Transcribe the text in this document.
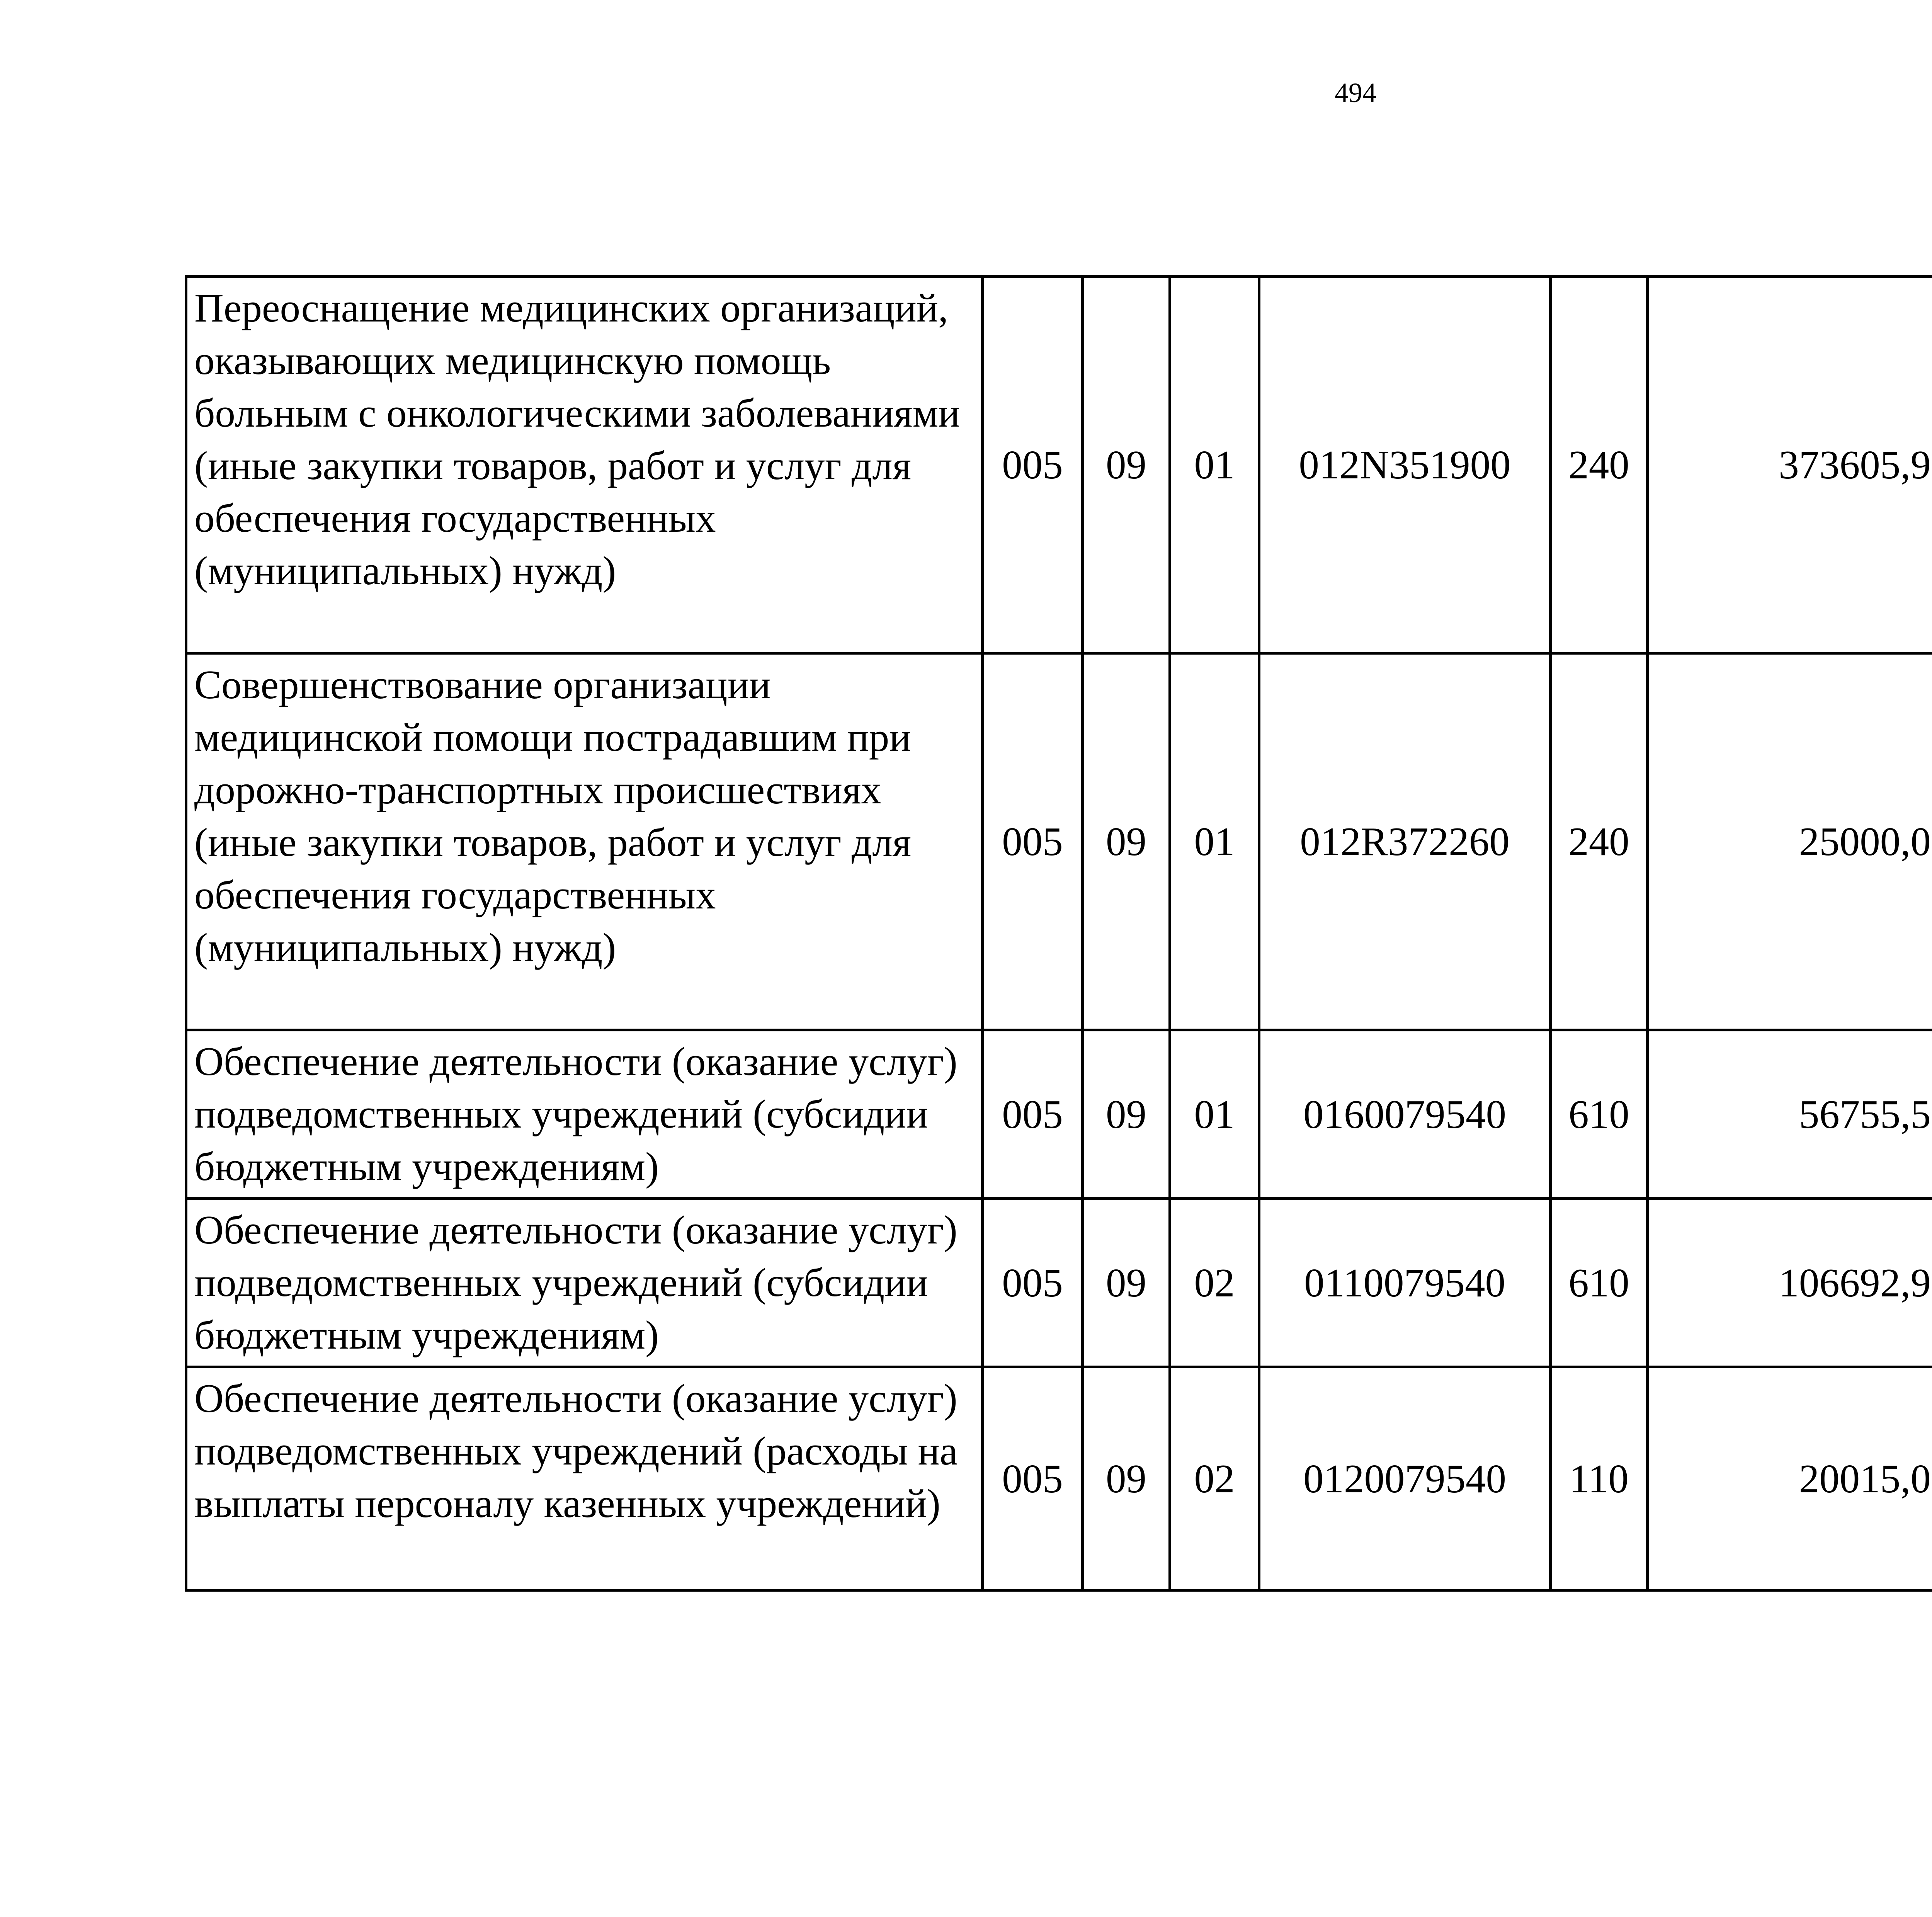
494
Переоснащение медицинских организаций, оказывающих медицинскую помощь больным с онкологическими заболеваниями (иные закупки товаров, работ и услуг для обеспечения государственных (муниципальных) нужд)	005	09	01	012N351900	240	373605,9		
Совершенствование организации медицинской помощи пострадавшим при дорожно-транспортных происшествиях (иные закупки товаров, работ и услуг для обеспечения государственных (муниципальных) нужд)	005	09	01	012R372260	240	25000,0		
Обеспечение деятельности (оказание услуг) подведомственных учреждений (субсидии бюджетным учреждениям)	005	09	01	0160079540	610	56755,5		
Обеспечение деятельности (оказание услуг) подведомственных учреждений (субсидии бюджетным учреждениям)	005	09	02	0110079540	610	106692,9		
Обеспечение деятельности (оказание услуг) подведомственных учреждений (расходы на выплаты персоналу казенных учреждений)	005	09	02	0120079540	110	20015,0		
